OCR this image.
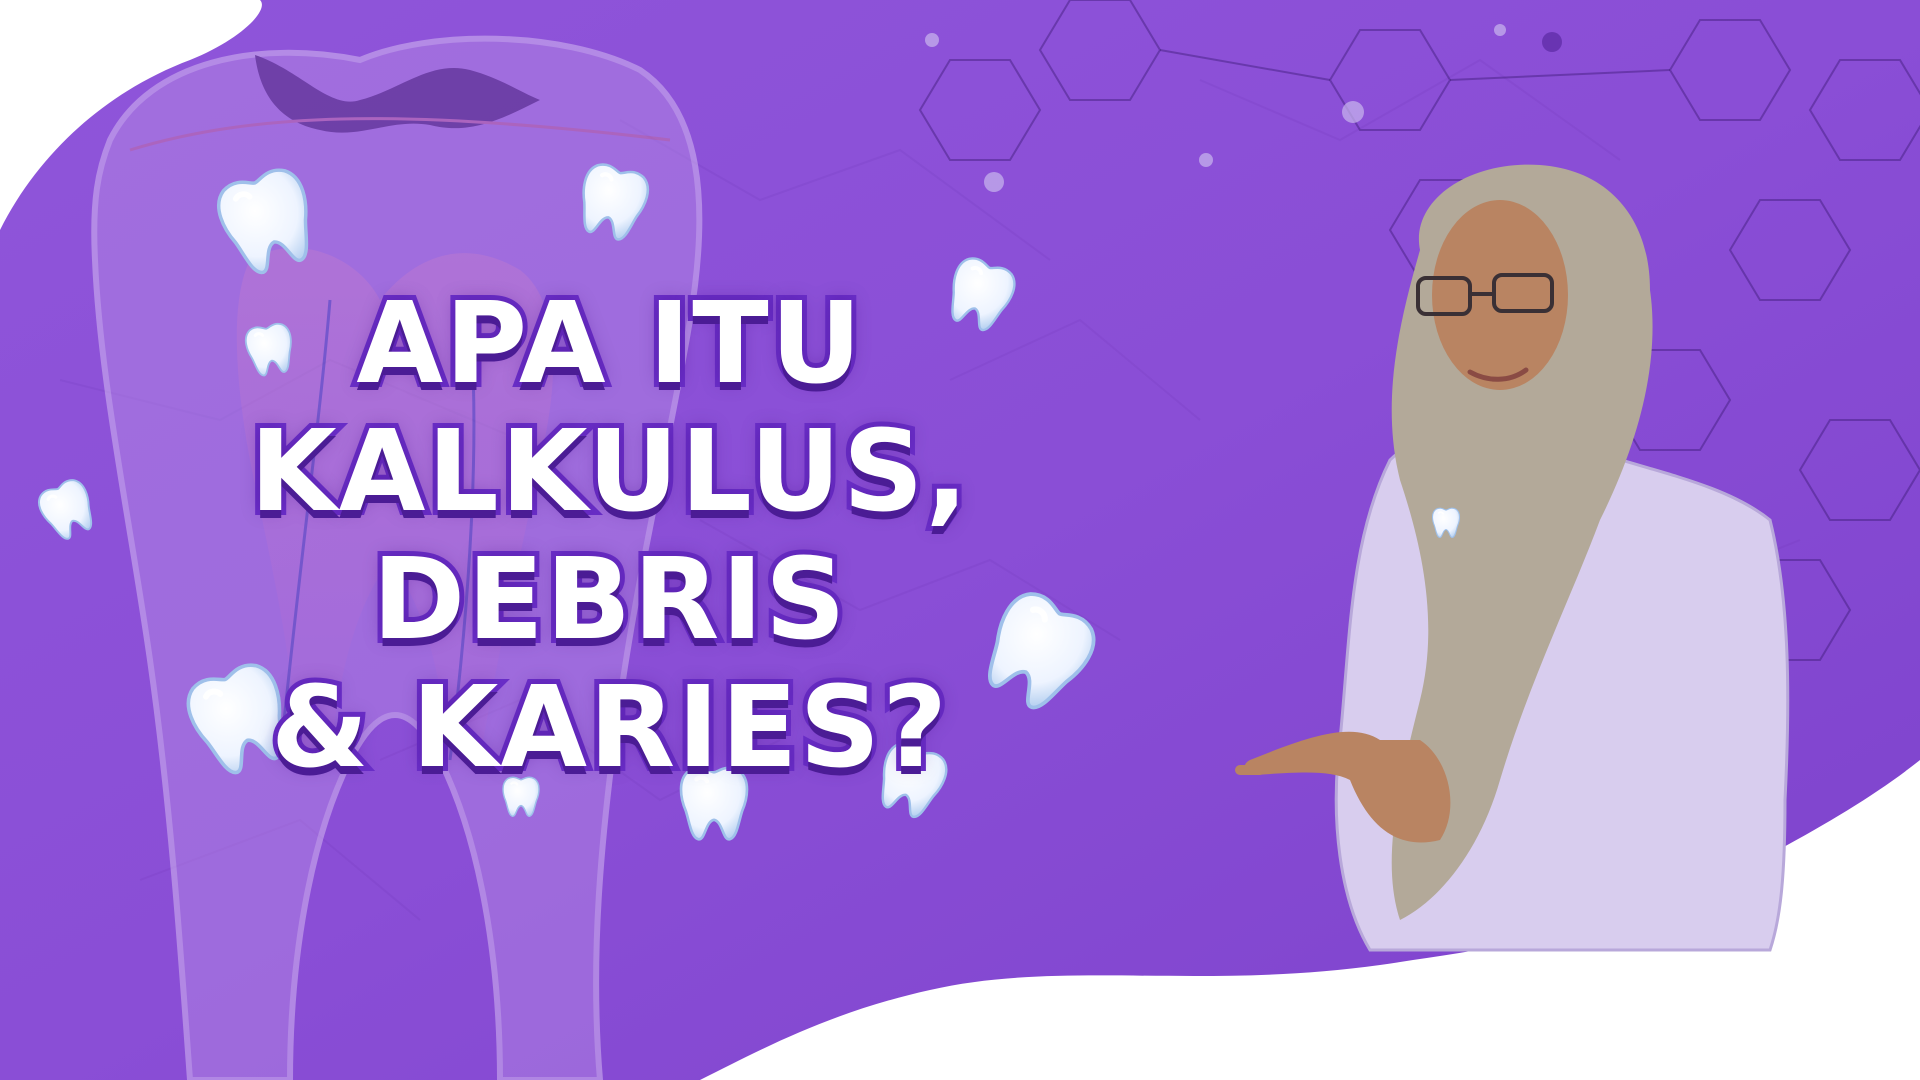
APA ITU
KALKULUS, DEBRIS
& KARIES?
